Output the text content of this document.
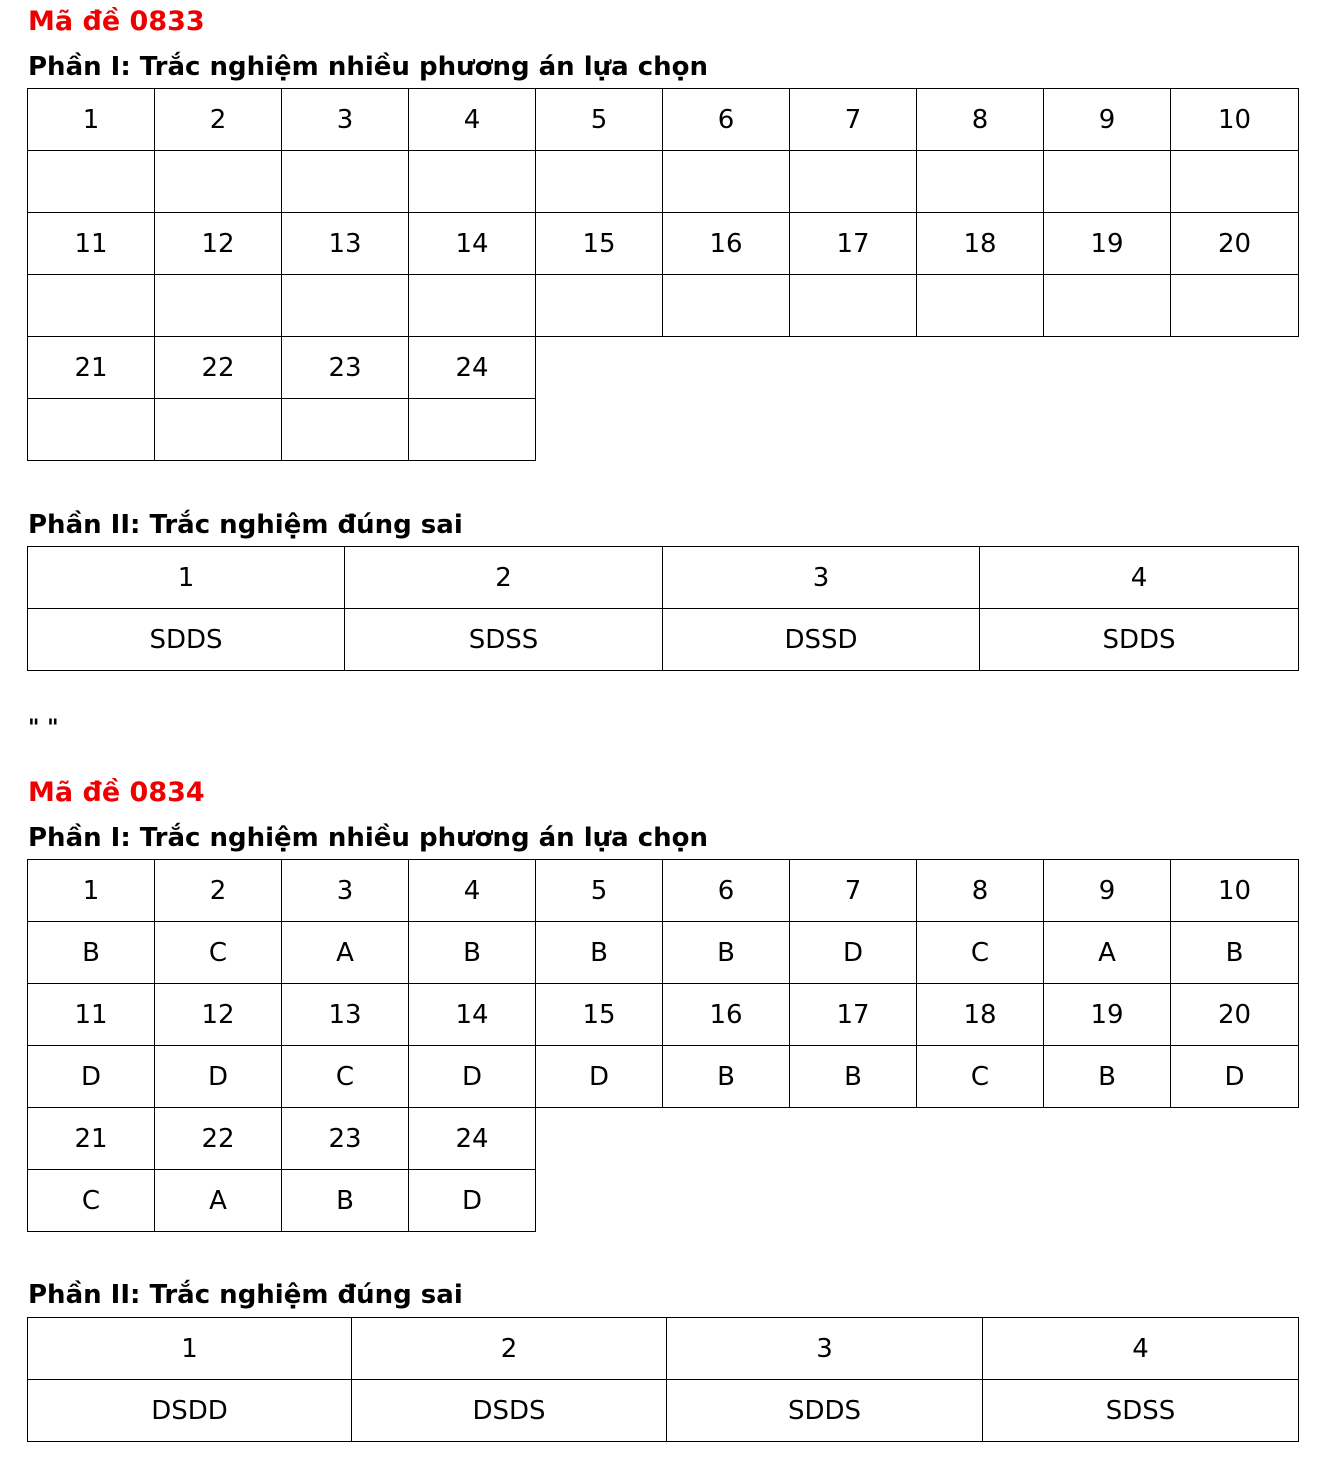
Mã đề 0833
Phần I: Trắc nghiệm nhiều phương án lựa chọn
1	2	3	4	5	6	7	8	9	10

11	12	13	14	15	16	17	18	19	20

21	22	23	24						

Phần II: Trắc nghiệm đúng sai
1	2	3	4
SDDS	SDSS	DSSD	SDDS
" "
Mã đề 0834
Phần I: Trắc nghiệm nhiều phương án lựa chọn
1	2	3	4	5	6	7	8	9	10
B	C	A	B	B	B	D	C	A	B
11	12	13	14	15	16	17	18	19	20
D	D	C	D	D	B	B	C	B	D
21	22	23	24						
C	A	B	D						
Phần II: Trắc nghiệm đúng sai
1	2	3	4
DSDD	DSDS	SDDS	SDSS
